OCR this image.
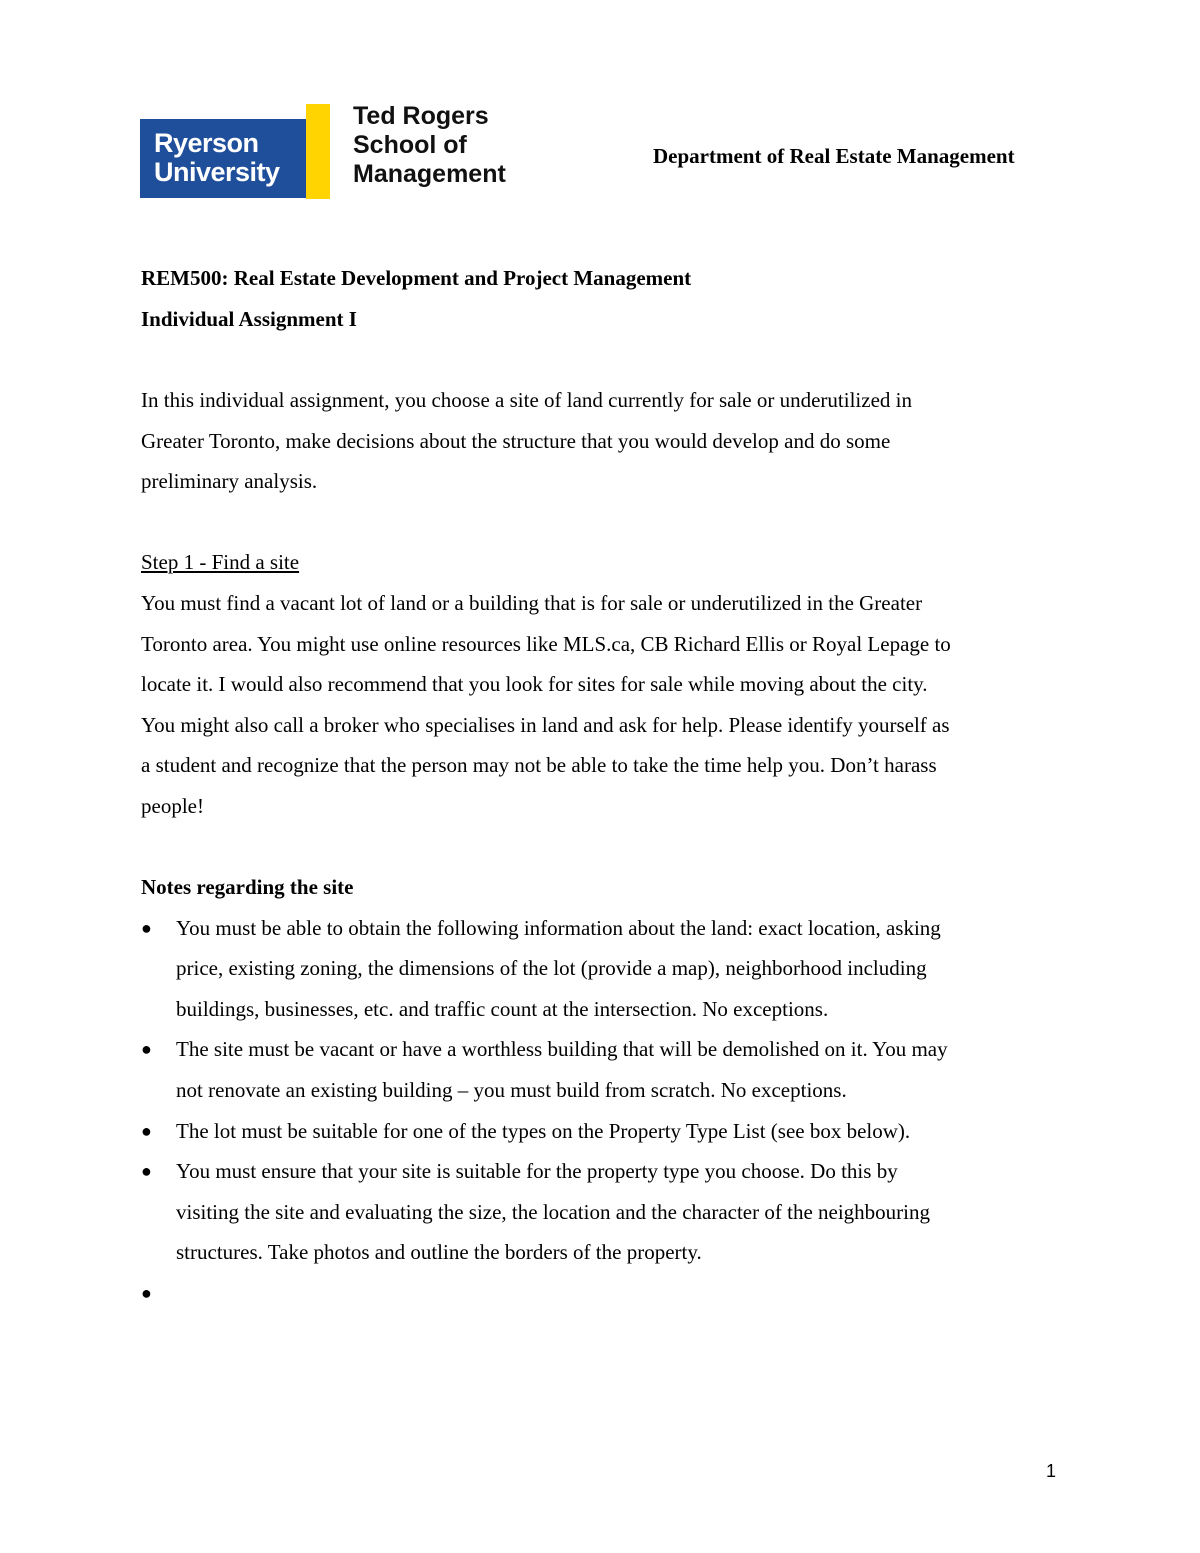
Ryerson
University
Ted Rogers
School of
Management
Department of Real Estate Management
REM500: Real Estate Development and Project Management
Individual Assignment I
In this individual assignment, you choose a site of land currently for sale or underutilized in
Greater Toronto, make decisions about the structure that you would develop and do some
preliminary analysis.
Step 1 - Find a site
You must find a vacant lot of land or a building that is for sale or underutilized in the Greater
Toronto area. You might use online resources like MLS.ca, CB Richard Ellis or Royal Lepage to
locate it. I would also recommend that you look for sites for sale while moving about the city.
You might also call a broker who specialises in land and ask for help. Please identify yourself as
a student and recognize that the person may not be able to take the time help you. Don’t harass
people!
Notes regarding the site
● You must be able to obtain the following information about the land: exact location, asking
price, existing zoning, the dimensions of the lot (provide a map), neighborhood including
buildings, businesses, etc. and traffic count at the intersection. No exceptions.
● The site must be vacant or have a worthless building that will be demolished on it. You may
not renovate an existing building – you must build from scratch. No exceptions.
● The lot must be suitable for one of the types on the Property Type List (see box below).
● You must ensure that your site is suitable for the property type you choose. Do this by
visiting the site and evaluating the size, the location and the character of the neighbouring
structures. Take photos and outline the borders of the property.
●
1
